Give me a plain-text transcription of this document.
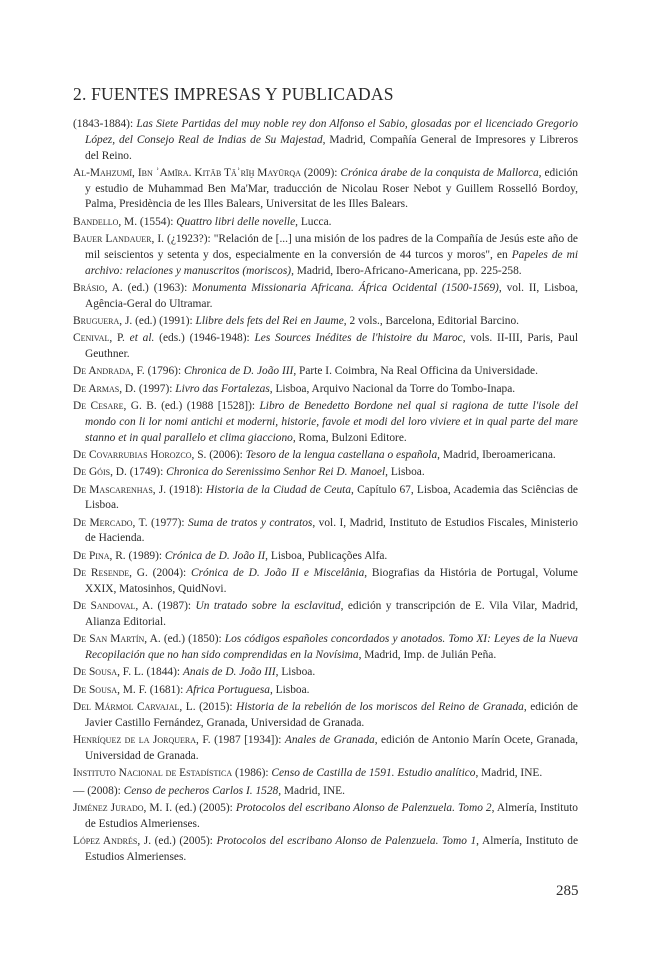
2. FUENTES IMPRESAS Y PUBLICADAS

(1843-1884): Las Siete Partidas del muy noble rey don Alfonso el Sabio, glosadas por el licenciado Gregorio López, del Consejo Real de Indias de Su Majestad, Madrid, Compañía General de Impresores y Libreros del Reino.

Al-Mahzumī, Ibn ʾAmīra. Kitāb Tāʾrīḫ Mayūrqa (2009): Crónica árabe de la conquista de Mallorca, edición y estudio de Muhammad Ben Ma'Mar, traducción de Nicolau Roser Nebot y Guillem Rosselló Bordoy, Palma, Presidència de les Illes Balears, Universitat de les Illes Balears.

Bandello, M. (1554): Quattro libri delle novelle, Lucca.

Bauer Landauer, I. (¿1923?): "Relación de [...] una misión de los padres de la Compañía de Jesús este año de mil seiscientos y setenta y dos, especialmente en la conversión de 44 turcos y moros", en Papeles de mi archivo: relaciones y manuscritos (moriscos), Madrid, Ibero-Africano-Americana, pp. 225-258.

Brásio, A. (ed.) (1963): Monumenta Missionaria Africana. África Ocidental (1500-1569), vol. II, Lisboa, Agência-Geral do Ultramar.

Bruguera, J. (ed.) (1991): Llibre dels fets del Rei en Jaume, 2 vols., Barcelona, Editorial Barcino.

Cenival, P. et al. (eds.) (1946-1948): Les Sources Inédites de l'histoire du Maroc, vols. II-III, Paris, Paul Geuthner.

De Andrada, F. (1796): Chronica de D. João III, Parte I. Coimbra, Na Real Officina da Universidade.

De Armas, D. (1997): Livro das Fortalezas, Lisboa, Arquivo Nacional da Torre do Tombo-Inapa.

De Cesare, G. B. (ed.) (1988 [1528]): Libro de Benedetto Bordone nel qual si ragiona de tutte l'isole del mondo con li lor nomi antichi et moderni, historie, favole et modi del loro viviere et in qual parte del mare stanno et in qual parallelo et clima giacciono, Roma, Bulzoni Editore.

De Covarrubias Horozco, S. (2006): Tesoro de la lengua castellana o española, Madrid, Iberoamericana.

De Góis, D. (1749): Chronica do Serenissimo Senhor Rei D. Manoel, Lisboa.

De Mascarenhas, J. (1918): Historia de la Ciudad de Ceuta, Capítulo 67, Lisboa, Academia das Sciências de Lisboa.

De Mercado, T. (1977): Suma de tratos y contratos, vol. I, Madrid, Instituto de Estudios Fiscales, Ministerio de Hacienda.

De Pina, R. (1989): Crónica de D. João II, Lisboa, Publicações Alfa.

De Resende, G. (2004): Crónica de D. João II e Miscelânia, Biografias da História de Portugal, Volume XXIX, Matosinhos, QuidNovi.

De Sandoval, A. (1987): Un tratado sobre la esclavitud, edición y transcripción de E. Vila Vilar, Madrid, Alianza Editorial.

De San Martín, A. (ed.) (1850): Los códigos españoles concordados y anotados. Tomo XI: Leyes de la Nueva Recopilación que no han sido comprendidas en la Novísima, Madrid, Imp. de Julián Peña.

De Sousa, F. L. (1844): Anais de D. João III, Lisboa.

De Sousa, M. F. (1681): Africa Portuguesa, Lisboa.

Del Mármol Carvajal, L. (2015): Historia de la rebelión de los moriscos del Reino de Granada, edición de Javier Castillo Fernández, Granada, Universidad de Granada.

Henríquez de la Jorquera, F. (1987 [1934]): Anales de Granada, edición de Antonio Marín Ocete, Granada, Universidad de Granada.

Instituto Nacional de Estadística (1986): Censo de Castilla de 1591. Estudio analítico, Madrid, INE.

— (2008): Censo de pecheros Carlos I. 1528, Madrid, INE.

Jiménez Jurado, M. I. (ed.) (2005): Protocolos del escribano Alonso de Palenzuela. Tomo 2, Almería, Instituto de Estudios Almerienses.

López Andrés, J. (ed.) (2005): Protocolos del escribano Alonso de Palenzuela. Tomo 1, Almería, Instituto de Estudios Almerienses.

285
